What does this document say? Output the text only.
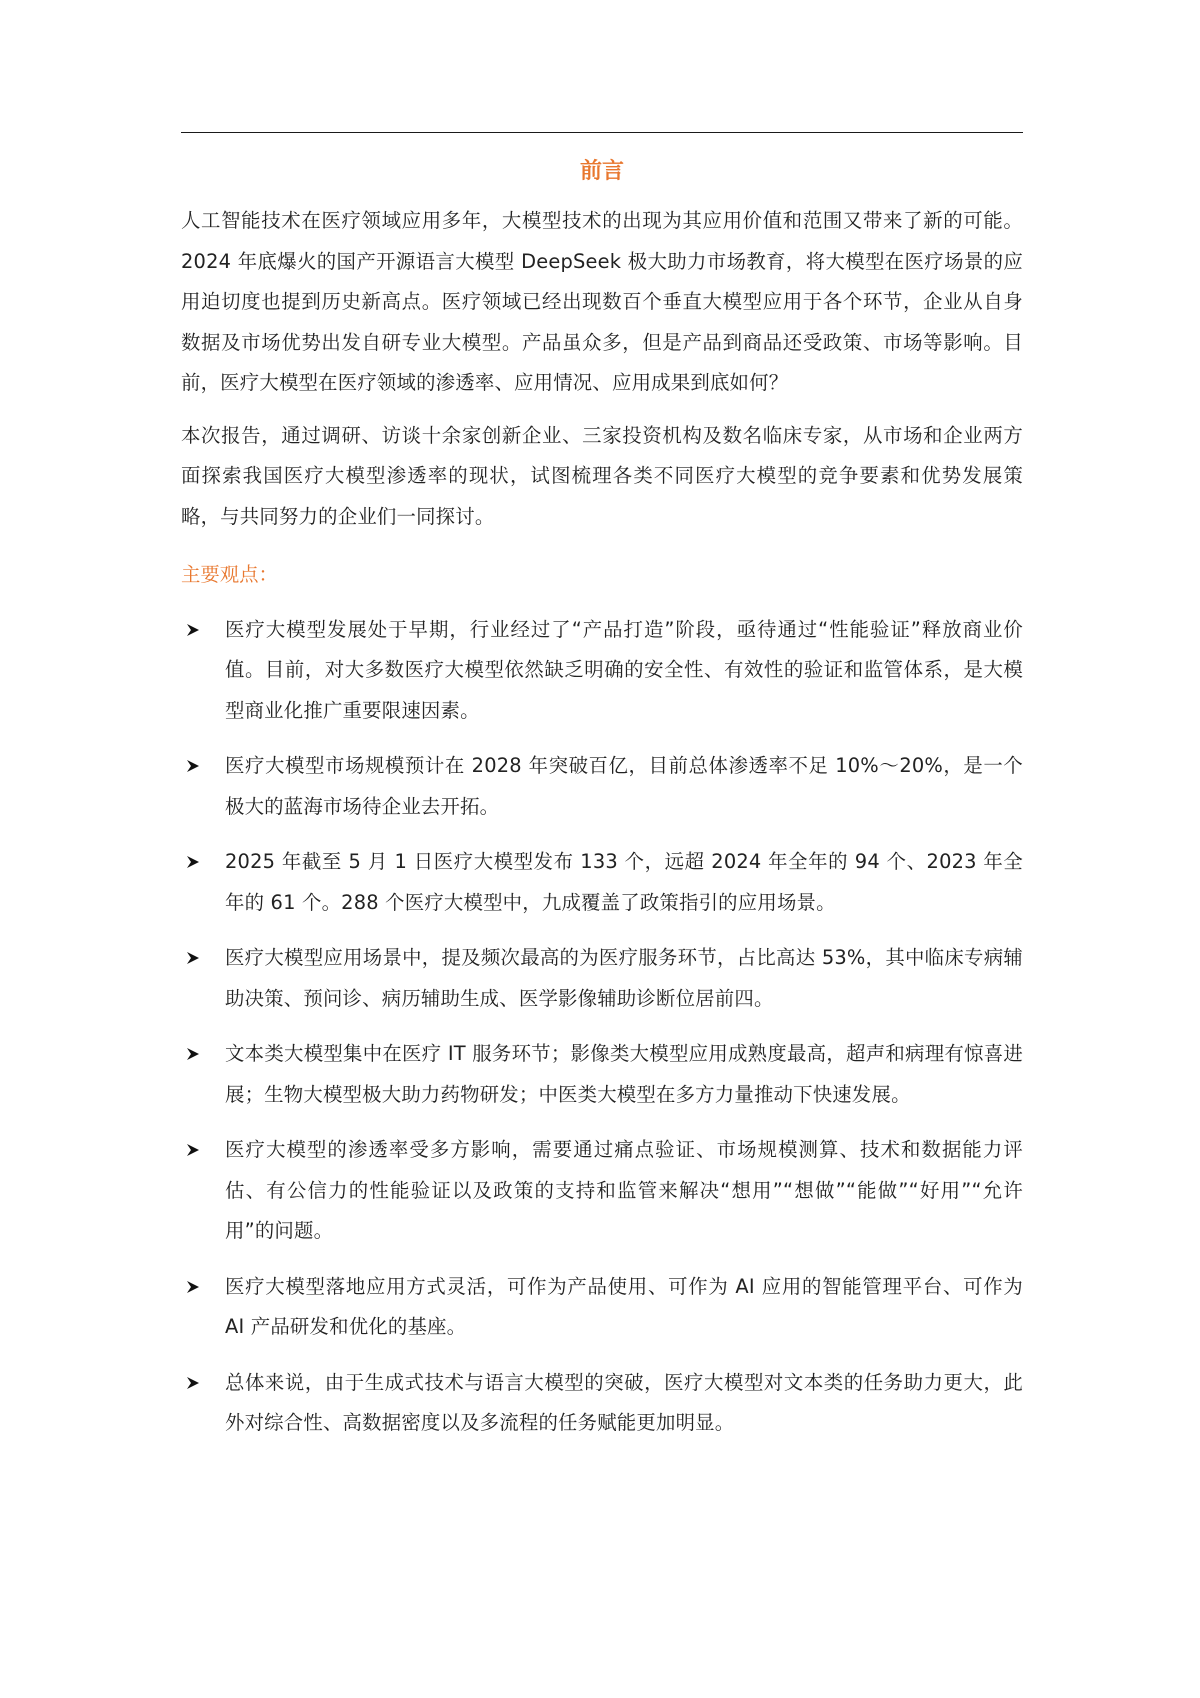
前言

人工智能技术在医疗领域应用多年，大模型技术的出现为其应用价值和范围又带来了新的可能。2024 年底爆火的国产开源语言大模型 DeepSeek 极大助力市场教育，将大模型在医疗场景的应用迫切度也提到历史新高点。医疗领域已经出现数百个垂直大模型应用于各个环节，企业从自身数据及市场优势出发自研专业大模型。产品虽众多，但是产品到商品还受政策、市场等影响。目前，医疗大模型在医疗领域的渗透率、应用情况、应用成果到底如何？

本次报告，通过调研、访谈十余家创新企业、三家投资机构及数名临床专家，从市场和企业两方面探索我国医疗大模型渗透率的现状，试图梳理各类不同医疗大模型的竞争要素和优势发展策略，与共同努力的企业们一同探讨。

主要观点：
医疗大模型发展处于早期，行业经过了“产品打造”阶段，亟待通过“性能验证”释放商业价值。目前，对大多数医疗大模型依然缺乏明确的安全性、有效性的验证和监管体系，是大模型商业化推广重要限速因素。
医疗大模型市场规模预计在 2028 年突破百亿，目前总体渗透率不足 10%～20%，是一个极大的蓝海市场待企业去开拓。
2025 年截至 5 月 1 日医疗大模型发布 133 个，远超 2024 年全年的 94 个、2023 年全年的 61 个。288 个医疗大模型中，九成覆盖了政策指引的应用场景。
医疗大模型应用场景中，提及频次最高的为医疗服务环节，占比高达 53%，其中临床专病辅助决策、预问诊、病历辅助生成、医学影像辅助诊断位居前四。
文本类大模型集中在医疗 IT 服务环节；影像类大模型应用成熟度最高，超声和病理有惊喜进展；生物大模型极大助力药物研发；中医类大模型在多方力量推动下快速发展。
医疗大模型的渗透率受多方影响，需要通过痛点验证、市场规模测算、技术和数据能力评估、有公信力的性能验证以及政策的支持和监管来解决“想用”“想做”“能做”“好用”“允许用”的问题。
医疗大模型落地应用方式灵活，可作为产品使用、可作为 AI 应用的智能管理平台、可作为 AI 产品研发和优化的基座。
总体来说，由于生成式技术与语言大模型的突破，医疗大模型对文本类的任务助力更大，此外对综合性、高数据密度以及多流程的任务赋能更加明显。
